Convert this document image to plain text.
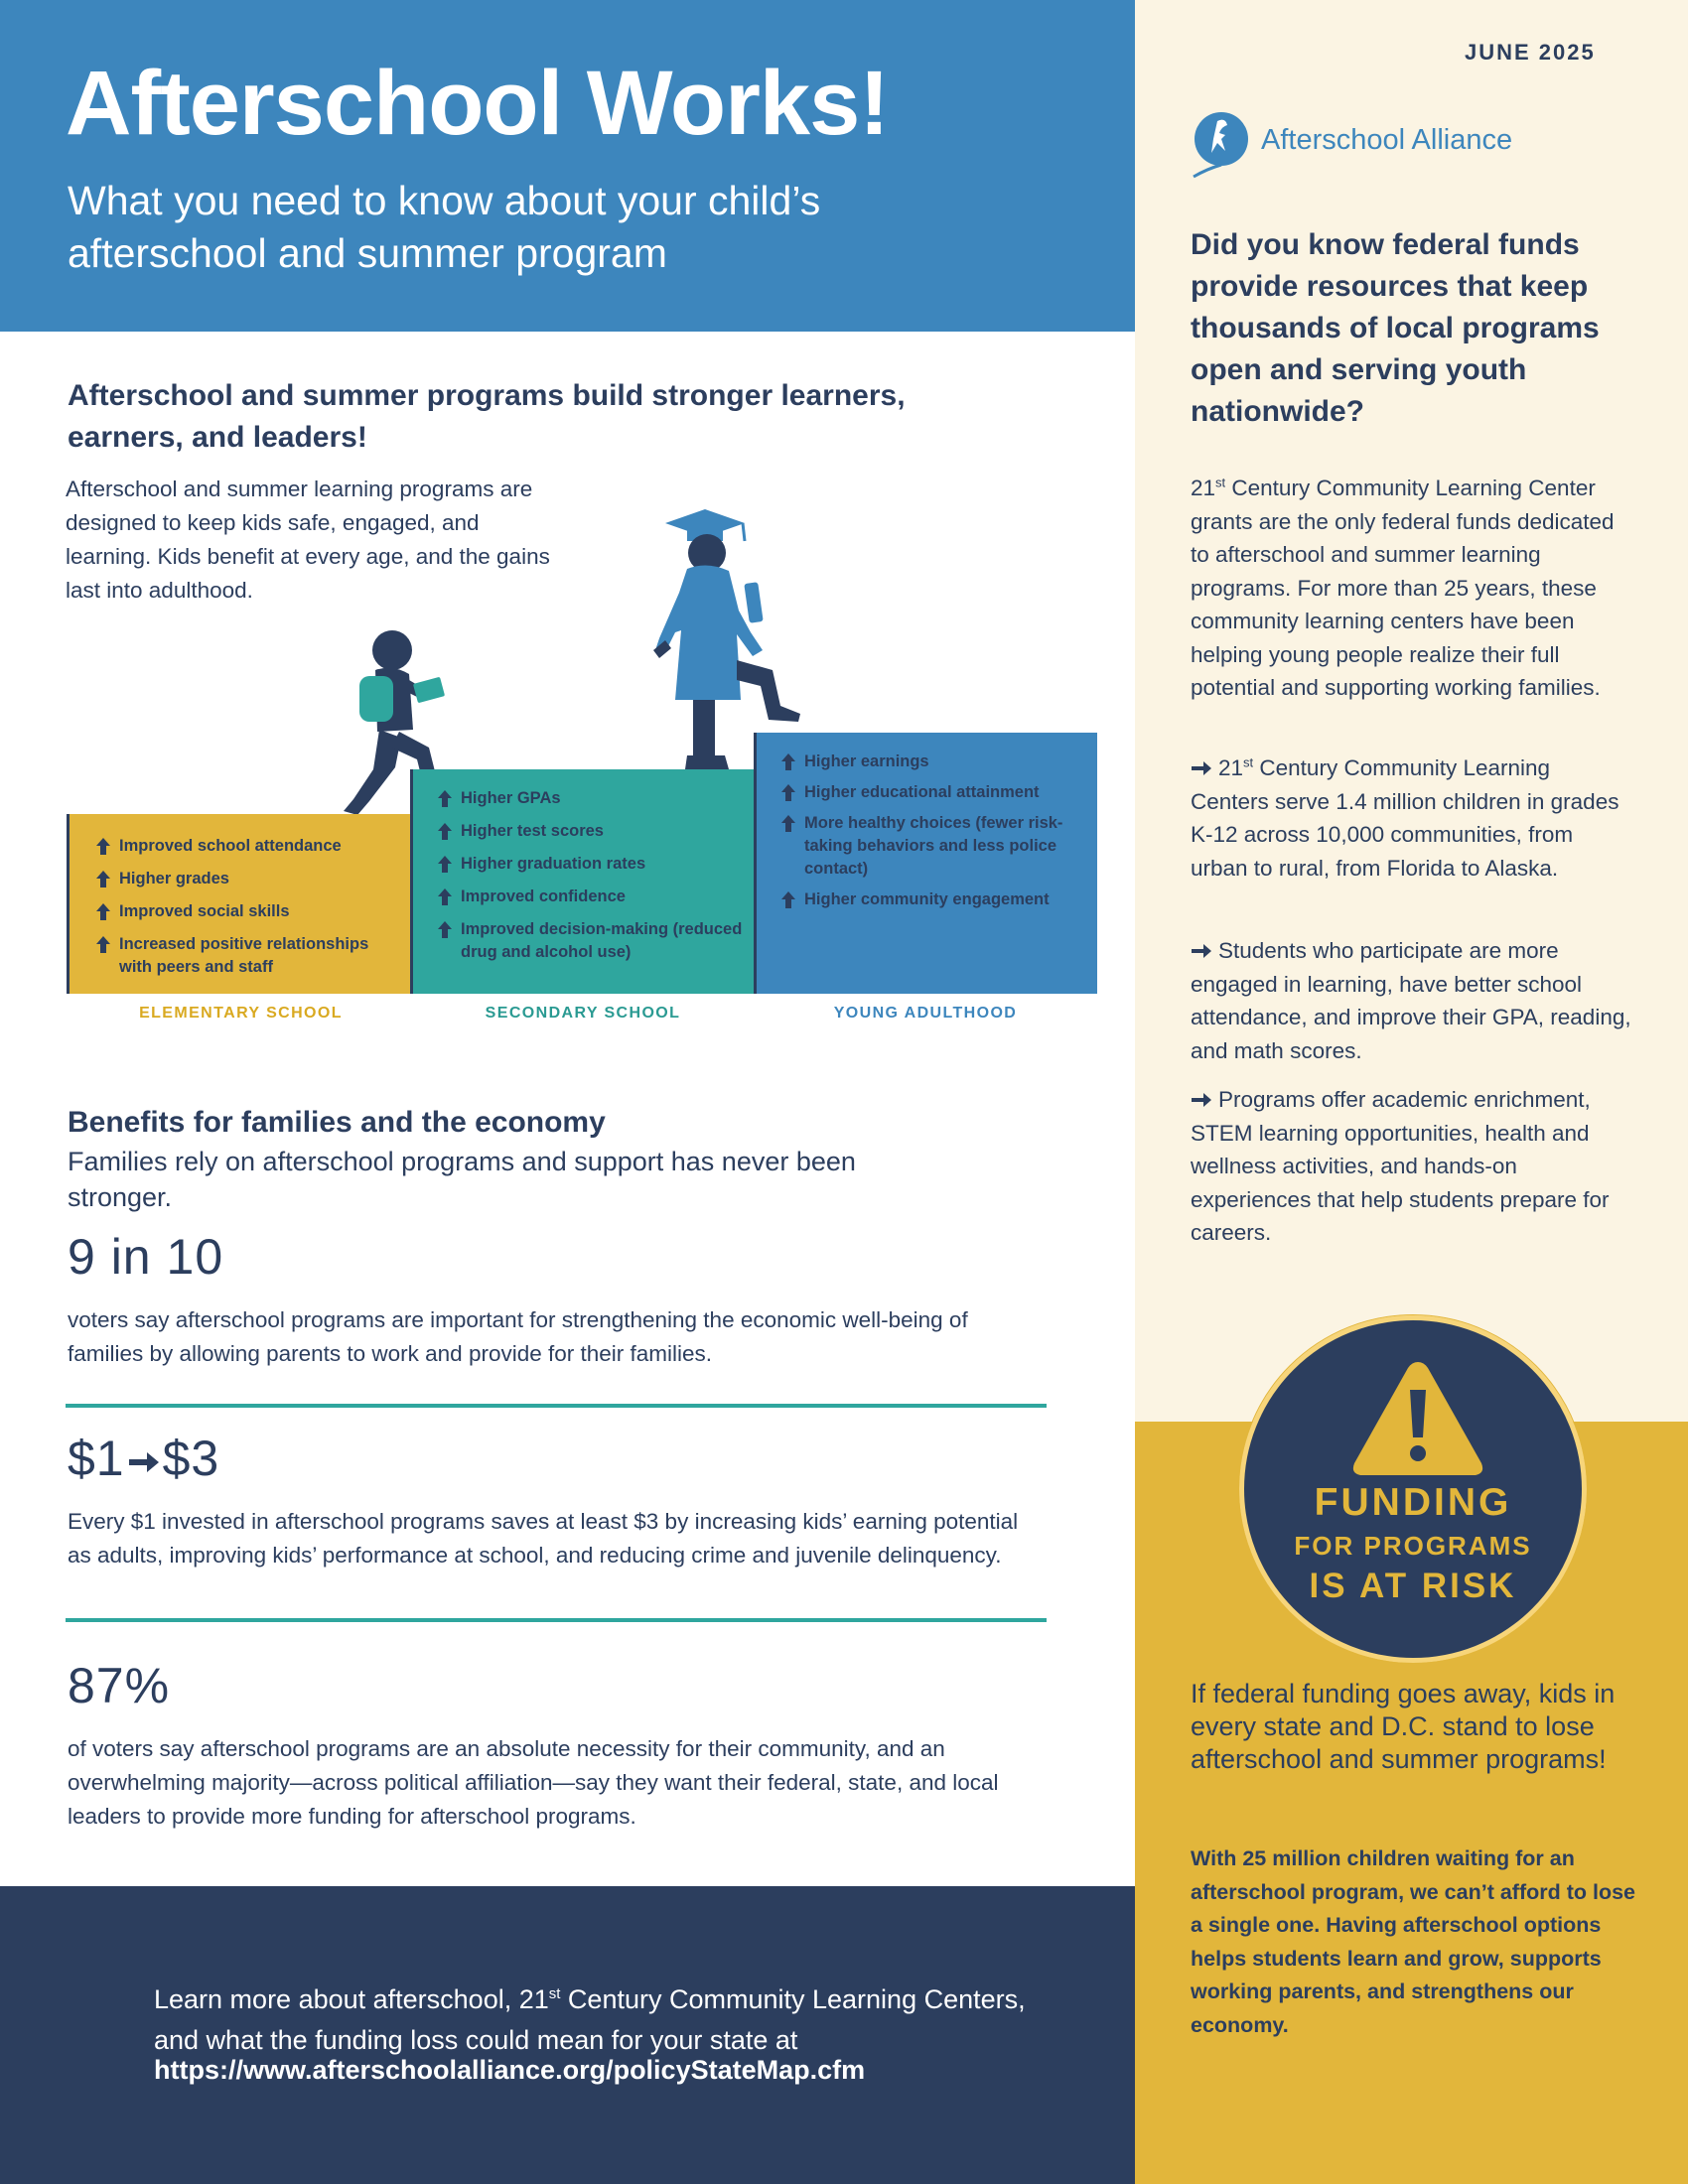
Afterschool Works!

What you need to know about your child’s afterschool and summer program

Afterschool and summer programs build stronger learners, earners, and leaders!

Afterschool and summer learning programs are designed to keep kids safe, engaged, and learning. Kids benefit at every age, and the gains last into adulthood.

Improved school attendance
Higher grades
Improved social skills
Increased positive relationships with peers and staff
Higher GPAs
Higher test scores
Higher graduation rates
Improved confidence
Improved decision-making (reduced drug and alcohol use)
Higher earnings
Higher educational attainment
More healthy choices (fewer risk-taking behaviors and less police contact)
Higher community engagement
ELEMENTARY SCHOOL	SECONDARY SCHOOL	YOUNG ADULTHOOD
Benefits for families and the economy

Families rely on afterschool programs and support has never been stronger.

9 in 10

voters say afterschool programs are important for strengthening the economic well-being of families by allowing parents to work and provide for their families.

$1 $3

Every $1 invested in afterschool programs saves at least $3 by increasing kids’ earning potential as adults, improving kids’ performance at school, and reducing crime and juvenile delinquency.

87%

of voters say afterschool programs are an absolute necessity for their community, and an overwhelming majority—across political affiliation—say they want their federal, state, and local leaders to provide more funding for afterschool programs.

Learn more about afterschool, 21st Century Community Learning Centers, and what the funding loss could mean for your state at

https://www.afterschoolalliance.org/policyStateMap.cfm
JUNE 2025
Afterschool Alliance
Did you know federal funds provide resources that keep thousands of local programs open and serving youth nationwide?

21st Century Community Learning Center grants are the only federal funds dedicated to afterschool and summer learning programs. For more than 25 years, these community learning centers have been helping young people realize their full potential and supporting working families.

21st Century Community Learning Centers serve 1.4 million children in grades K-12 across 10,000 communities, from urban to rural, from Florida to Alaska.

Students who participate are more engaged in learning, have better school attendance, and improve their GPA, reading, and math scores.

Programs offer academic enrichment, STEM learning opportunities, health and wellness activities, and hands-on experiences that help students prepare for careers.

FUNDING
FOR PROGRAMS
IS AT RISK

If federal funding goes away, kids in every state and D.C. stand to lose afterschool and summer programs!

With 25 million children waiting for an afterschool program, we can’t afford to lose a single one. Having afterschool options helps students learn and grow, supports working parents, and strengthens our economy.
